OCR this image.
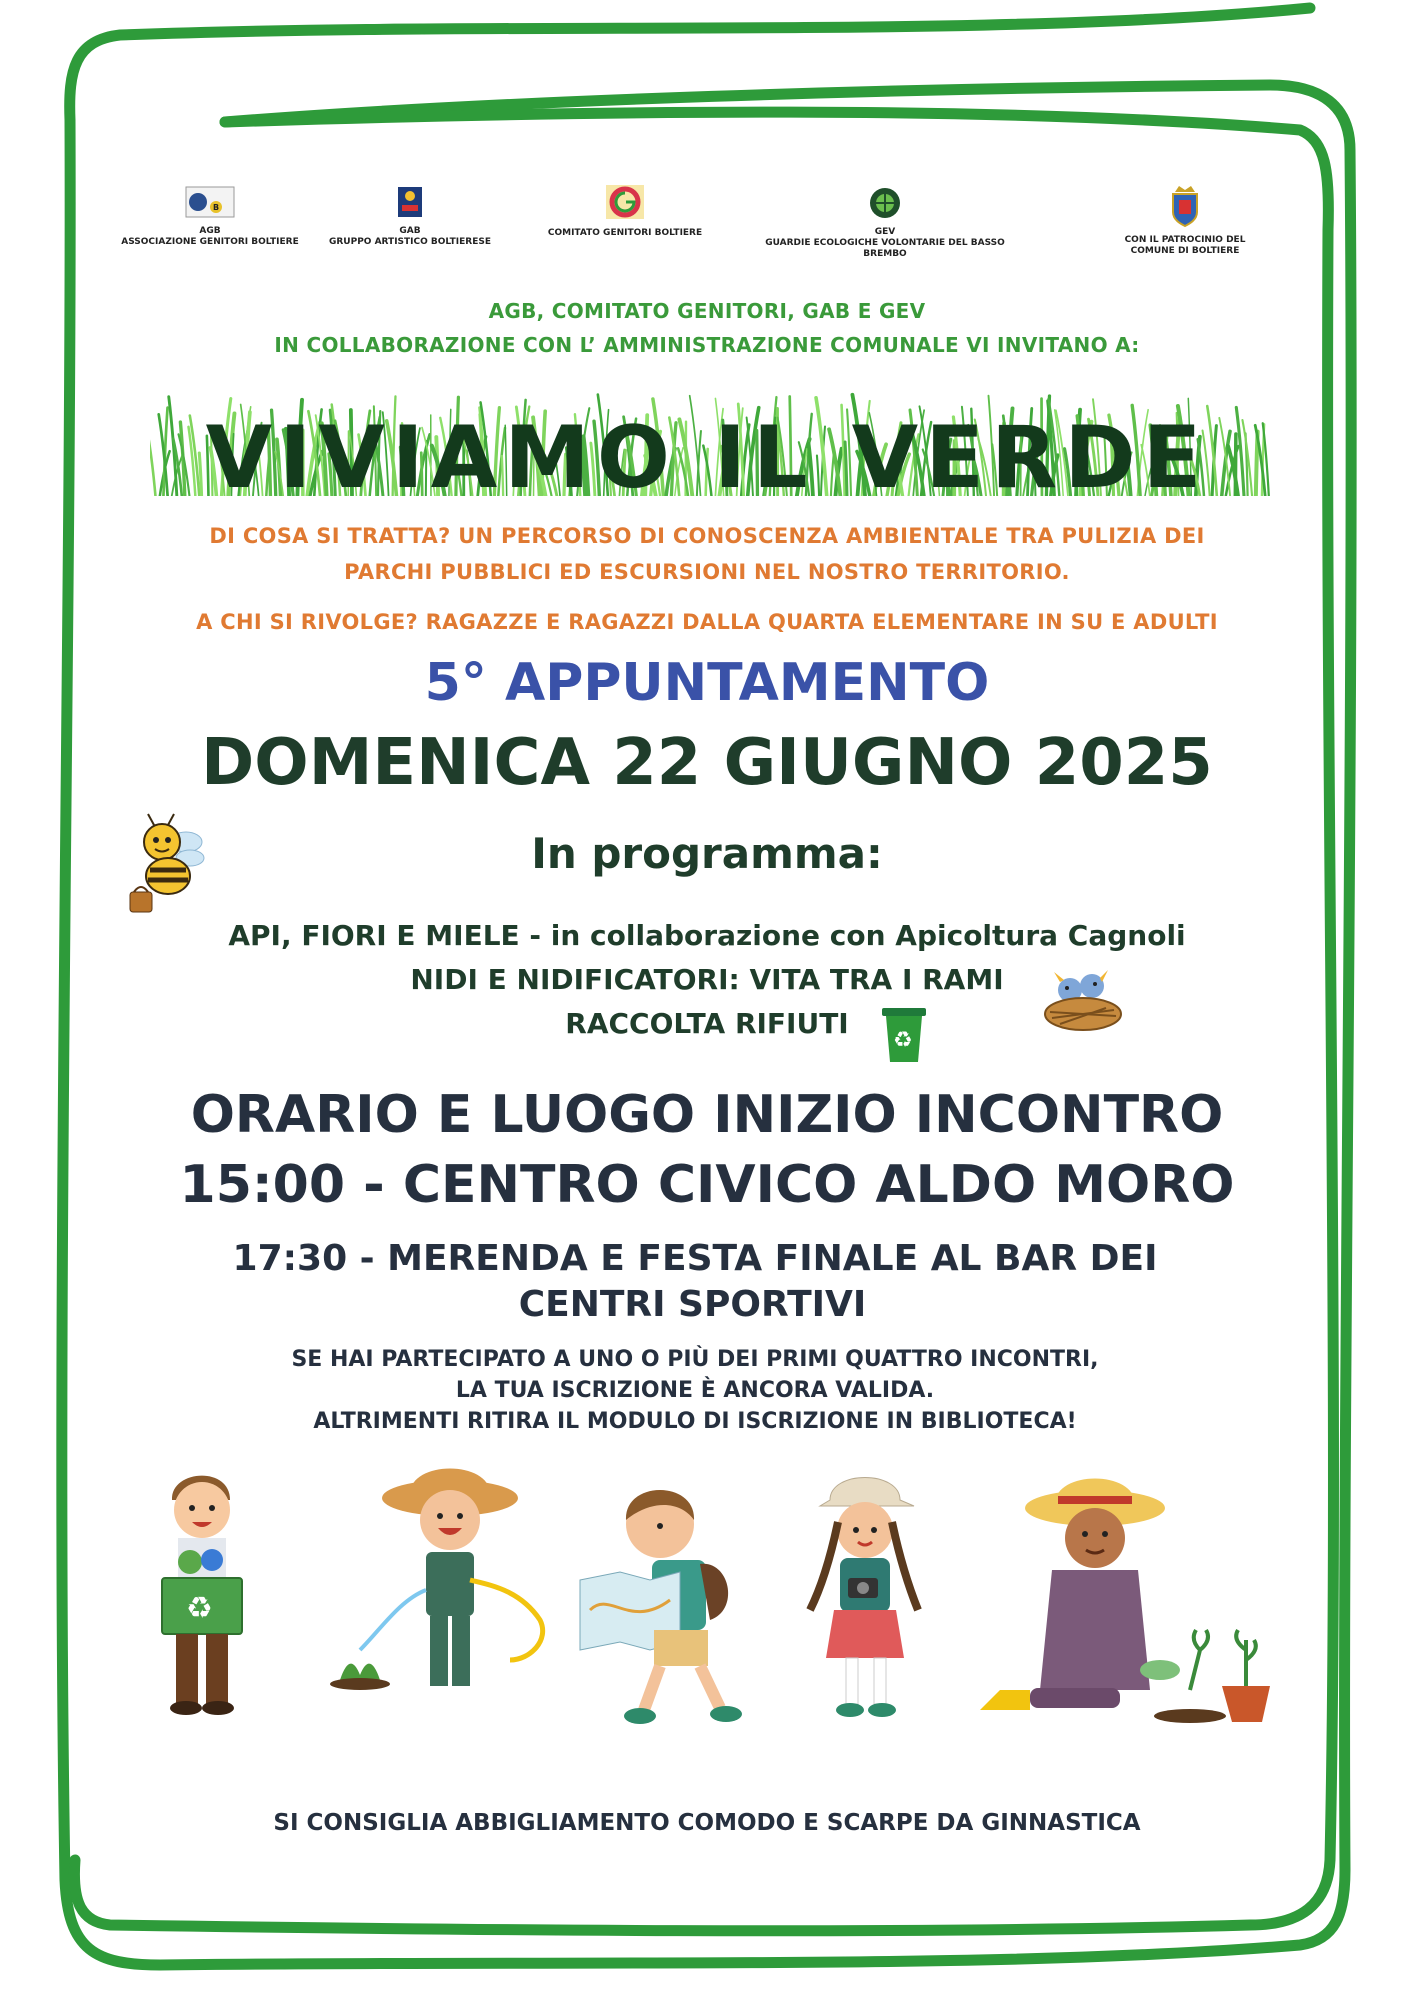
B
AGB
ASSOCIAZIONE GENITORI BOLTIERE
GAB
GRUPPO ARTISTICO BOLTIERESE
COMITATO GENITORI BOLTIERE	GEV
GUARDIE ECOLOGICHE VOLONTARIE DEL BASSO BREMBO
CON IL PATROCINIO DEL
COMUNE DI BOLTIERE
AGB, COMITATO GENITORI, GAB E GEV
IN COLLABORAZIONE CON L’ AMMINISTRAZIONE COMUNALE VI INVITANO A:
VIVIAMO IL VERDE
DI COSA SI TRATTA? UN PERCORSO DI CONOSCENZA AMBIENTALE TRA PULIZIA DEI
PARCHI PUBBLICI ED ESCURSIONI NEL NOSTRO TERRITORIO.
A CHI SI RIVOLGE? RAGAZZE E RAGAZZI DALLA QUARTA ELEMENTARE IN SU E ADULTI
5° APPUNTAMENTO
DOMENICA 22 GIUGNO 2025
In programma:
API, FIORI E MIELE - in collaborazione con Apicoltura Cagnoli
NIDI E NIDIFICATORI: VITA TRA I RAMI
RACCOLTA RIFIUTI
♻
ORARIO E LUOGO INIZIO INCONTRO
15:00 - CENTRO CIVICO ALDO MORO
17:30 - MERENDA E FESTA FINALE AL BAR DEI
CENTRI SPORTIVI
SE HAI PARTECIPATO A UNO O PIÙ DEI PRIMI QUATTRO INCONTRI,
LA TUA ISCRIZIONE È ANCORA VALIDA.
ALTRIMENTI RITIRA IL MODULO DI ISCRIZIONE IN BIBLIOTECA!
♻
SI CONSIGLIA ABBIGLIAMENTO COMODO E SCARPE DA GINNASTICA
